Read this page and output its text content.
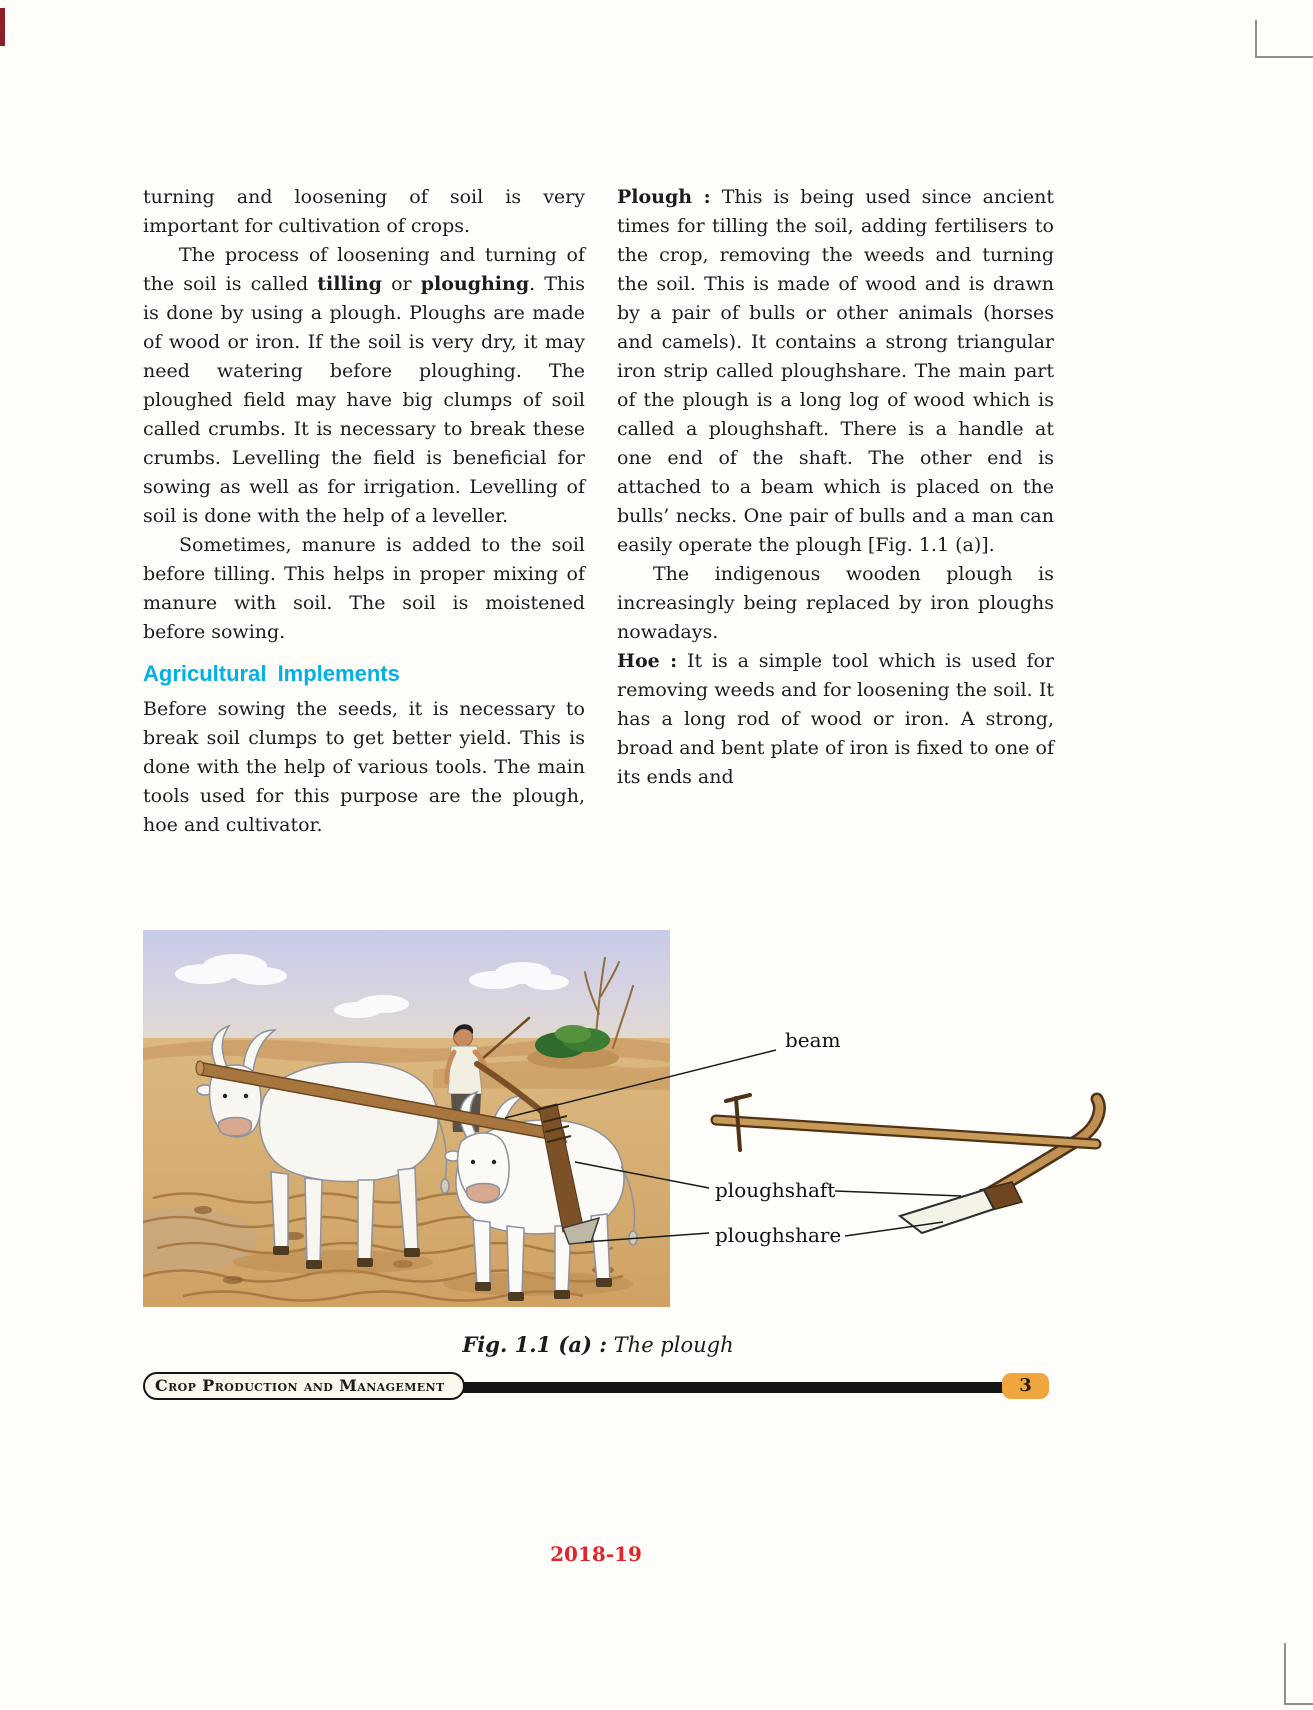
turning and loosening of soil is very important for cultivation of crops.

The process of loosening and turning of the soil is called tilling or ploughing. This is done by using a plough. Ploughs are made of wood or iron. If the soil is very dry, it may need watering before ploughing. The ploughed field may have big clumps of soil called crumbs. It is necessary to break these crumbs. Levelling the field is beneficial for sowing as well as for irrigation. Levelling of soil is done with the help of a leveller.

Sometimes, manure is added to the soil before tilling. This helps in proper mixing of manure with soil. The soil is moistened before sowing.

Agricultural Implements

Before sowing the seeds, it is necessary to break soil clumps to get better yield. This is done with the help of various tools. The main tools used for this purpose are the plough, hoe and cultivator.

Plough : This is being used since ancient times for tilling the soil, adding fertilisers to the crop, removing the weeds and turning the soil. This is made of wood and is drawn by a pair of bulls or other animals (horses and camels). It contains a strong triangular iron strip called ploughshare. The main part of the plough is a long log of wood which is called a ploughshaft. There is a handle at one end of the shaft. The other end is attached to a beam which is placed on the bulls’ necks. One pair of bulls and a man can easily operate the plough [Fig. 1.1 (a)].

The indigenous wooden plough is increasingly being replaced by iron ploughs nowadays.

Hoe : It is a simple tool which is used for removing weeds and for loosening the soil. It has a long rod of wood or iron. A strong, broad and bent plate of iron is fixed to one of its ends and

beam
ploughshaft
ploughshare
Fig. 1.1 (a) : The plough
Crop Production and Management	3
2018-19
